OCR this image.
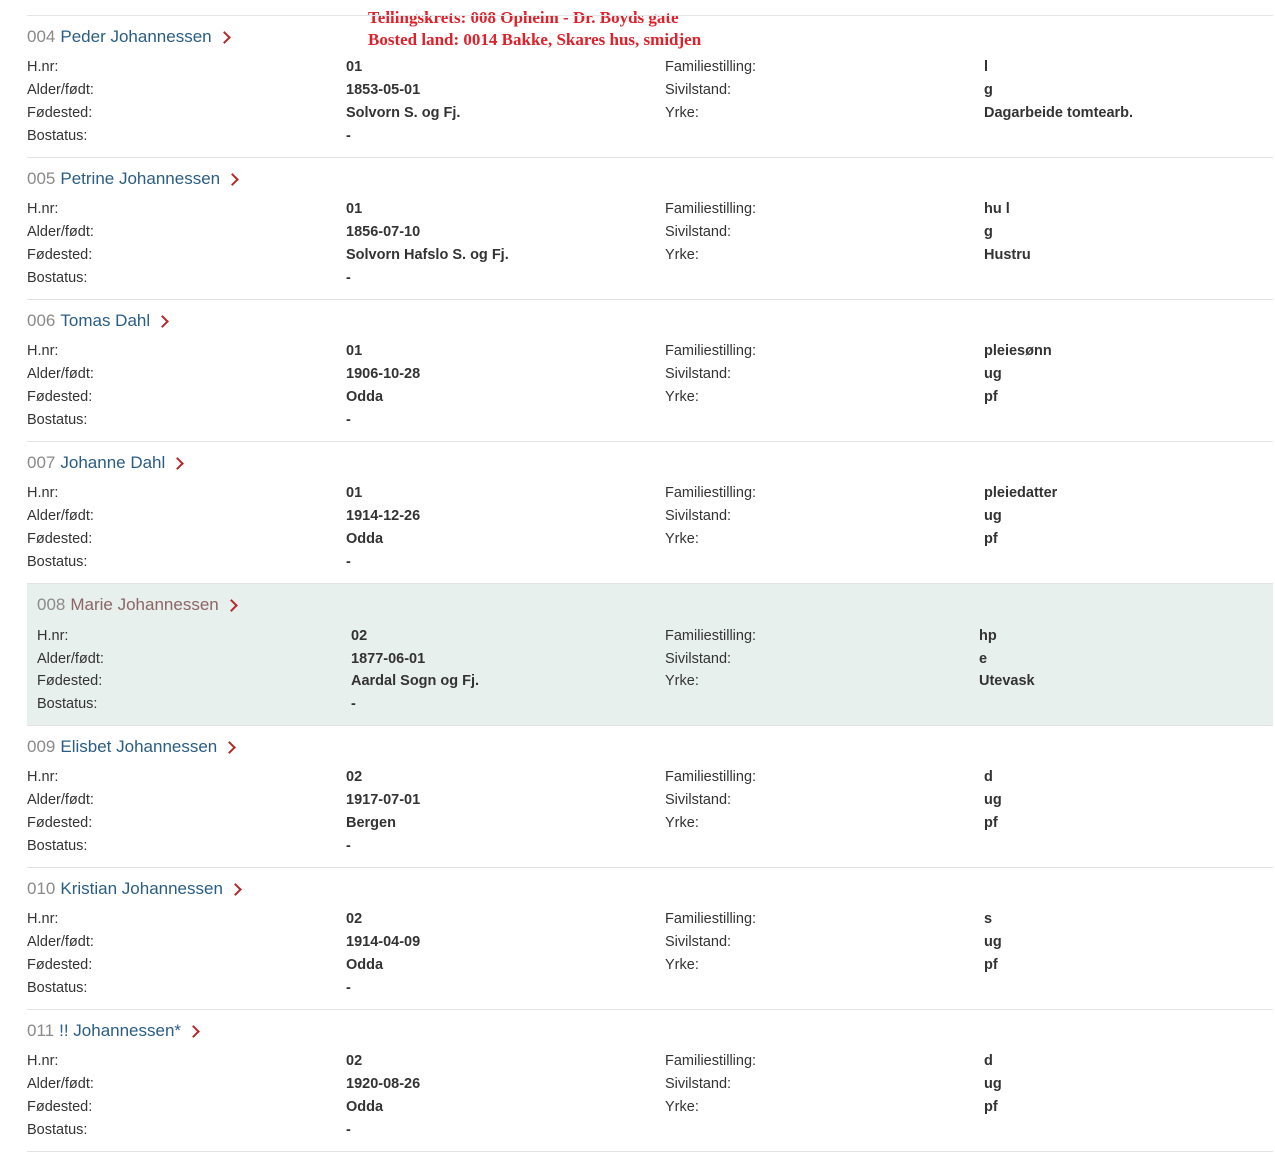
Tellingskrets: 008 Opheim - Dr. Boyds gate
Bosted land: 0014 Bakke, Skares hus, smidjen
004 Peder Johannessen
H.nr:
Alder/født:
Fødested:
Bostatus:
01
1853-05-01
Solvorn S. og Fj.
-
Familiestilling:
Sivilstand:
Yrke:
l
g
Dagarbeide tomtearb.
005 Petrine Johannessen
H.nr:
Alder/født:
Fødested:
Bostatus:
01
1856-07-10
Solvorn Hafslo S. og Fj.
-
Familiestilling:
Sivilstand:
Yrke:
hu l
g
Hustru
006 Tomas Dahl
H.nr:
Alder/født:
Fødested:
Bostatus:
01
1906-10-28
Odda
-
Familiestilling:
Sivilstand:
Yrke:
pleiesønn
ug
pf
007 Johanne Dahl
H.nr:
Alder/født:
Fødested:
Bostatus:
01
1914-12-26
Odda
-
Familiestilling:
Sivilstand:
Yrke:
pleiedatter
ug
pf
008 Marie Johannessen
H.nr:
Alder/født:
Fødested:
Bostatus:
02
1877-06-01
Aardal Sogn og Fj.
-
Familiestilling:
Sivilstand:
Yrke:
hp
e
Utevask
009 Elisbet Johannessen
H.nr:
Alder/født:
Fødested:
Bostatus:
02
1917-07-01
Bergen
-
Familiestilling:
Sivilstand:
Yrke:
d
ug
pf
010 Kristian Johannessen
H.nr:
Alder/født:
Fødested:
Bostatus:
02
1914-04-09
Odda
-
Familiestilling:
Sivilstand:
Yrke:
s
ug
pf
011 !! Johannessen*
H.nr:
Alder/født:
Fødested:
Bostatus:
02
1920-08-26
Odda
-
Familiestilling:
Sivilstand:
Yrke:
d
ug
pf
